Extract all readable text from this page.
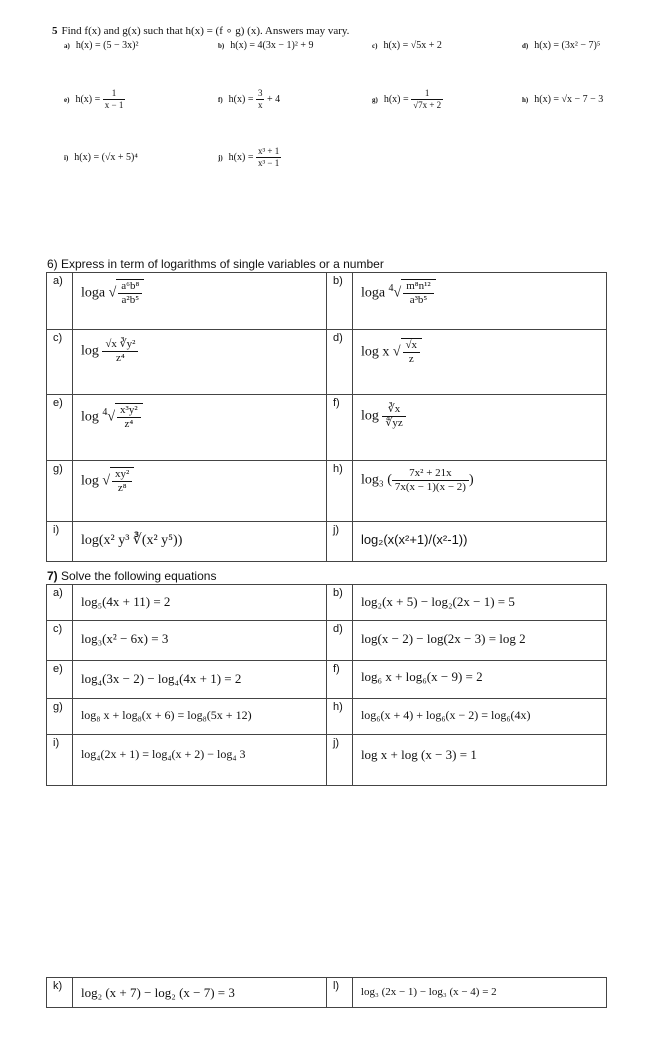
5 Find f(x) and g(x) such that h(x) = (f ∘ g) (x). Answers may vary.
a) h(x) = (5 − 3x)²	b) h(x) = 4(3x − 1)² + 9	c) h(x) = √5x + 2	d) h(x) = (3x² − 7)⁵
e) $h(x) = \frac{1}{x - 1}$	f) $h(x) = \frac{3}{x} + 4$	g) $h(x) = \frac{1}{√7x + 2}$	h) h(x) = √x − 7 − 3
i) h(x) = (√x + 5)⁴	j) $h(x) = \frac{\text{x³ + 1}}{\text{x³ − 1}}$
6) Express in term of logarithms of single variables or a number
a)	loga √ $\frac{\text{a⁶b⁸}}{\text{a²b⁵}}$	b)	loga $^4√ \frac{\text{m⁸n¹²}}{\text{a³b⁵}}$

c)	$\log \frac{\text{√x ∛y²}}{\text{z⁴}}$	d)	log x √ $\frac{√x}{z}$

e)	$\log ^4√ \frac{\text{x³y²}}{\text{z⁴}}$	f)	$\log \frac{∛x}{∜yz}$

g)	log √ $\frac{\text{xy²}}{\text{z⁸}}$	h)	log₃ ( $\frac{\text{7x² + 21x}}{7x(x - 1)(x - 2)}$ )

i)	log(x² y³ ∛(x² y⁵))	j)	log₂(x(x²+1)/(x²-1))
7) Solve the following equations
a)	log₅(4x + 11) = 2	b)	log₂(x + 5) − log₂(2x − 1) = 5

c)	log₃(x² − 6x) = 3	d)	log(x − 2) − log(2x − 3) = log 2

e)	log₄(3x − 2) − log₄(4x + 1) = 2	f)	log₆ x + log₆(x − 9) = 2

g)	log₈ x + log₈(x + 6) = log₈(5x + 12)	h)	log₆(x + 4) + log₆(x − 2) = log₆(4x)

i)	log₄(2x + 1) = log₄(x + 2) − log₄ 3	j)	log x + log (x − 3) = 1
k)	log₂ (x + 7) − log₂ (x − 7) = 3	l)	log₃ (2x − 1) − log₃ (x − 4) = 2
